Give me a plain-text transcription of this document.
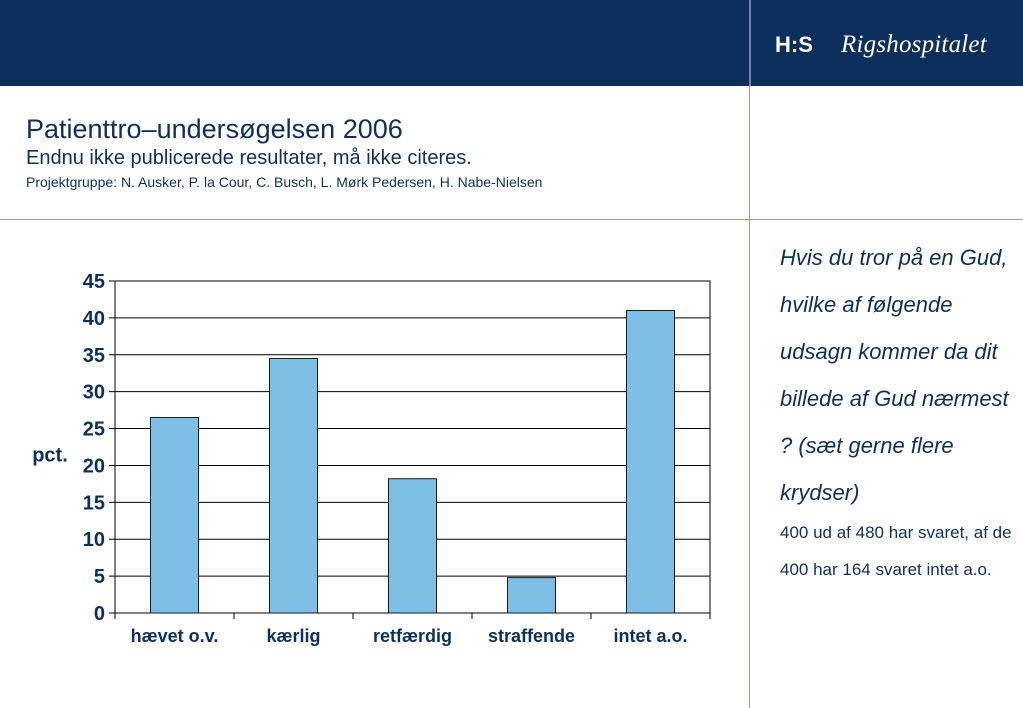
H:S Rigshospitalet
Patienttro–undersøgelsen 2006
Endnu ikke publicerede resultater, må ikke citeres.
Projektgruppe: N. Ausker, P. la Cour, C. Busch, L. Mørk Pedersen, H. Nabe-Nielsen
0
5
10
15
20
25
30
35
40
45
pct.
hævet o.v.	kærlig	retfærdig straffende intet a.o.
Hvis du tror på en Gud, hvilke af følgende udsagn kommer da dit billede af Gud nærmest ? (sæt gerne flere krydser)
400 ud af 480 har svaret, af de 400 har 164 svaret intet a.o.
